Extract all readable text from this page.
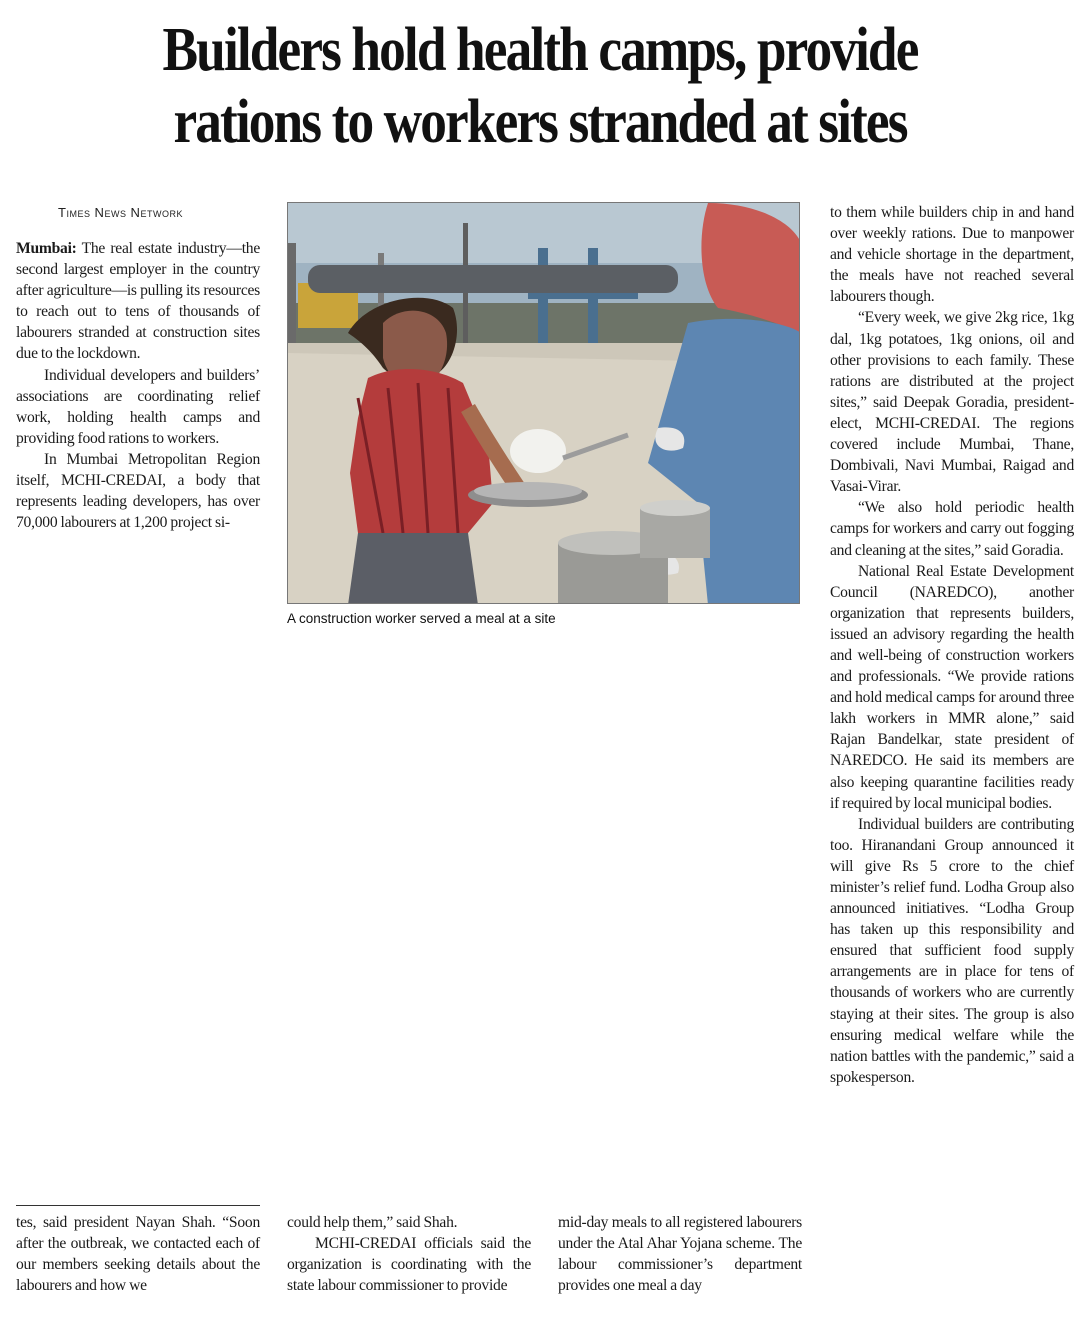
Builders hold health camps, provide
rations to workers stranded at sites
Times News Network

Mumbai: The real estate industry—the second largest employer in the country after agriculture—is pulling its resources to reach out to tens of thousands of labourers stranded at construction sites due to the lockdown.

Individual developers and builders’ associations are coordinating relief work, holding health camps and providing food rations to workers.

In Mumbai Metropolitan Region itself, MCHI-CREDAI, a body that represents leading developers, has over 70,000 labourers at 1,200 project si-

A construction worker served a meal at a site

to them while builders chip in and hand over weekly rations. Due to manpower and vehicle shortage in the department, the meals have not reached several labourers though.

“Every week, we give 2kg rice, 1kg dal, 1kg potatoes, 1kg onions, oil and other provisions to each family. These rations are distributed at the project sites,” said Deepak Goradia, president-elect, MCHI-CREDAI. The regions covered include Mumbai, Thane, Dombivali, Navi Mumbai, Raigad and Vasai-Virar.

“We also hold periodic health camps for workers and carry out fogging and cleaning at the sites,” said Goradia.

National Real Estate Development Council (NAREDCO), another organization that represents builders, issued an advisory regarding the health and well-being of construction workers and professionals. “We provide rations and hold medical camps for around three lakh workers in MMR alone,” said Rajan Bandelkar, state president of NAREDCO. He said its members are also keeping quarantine facilities ready if required by local municipal bodies.

Individual builders are contributing too. Hiranandani Group announced it will give Rs 5 crore to the chief minister’s relief fund. Lodha Group also announced initiatives. “Lodha Group has taken up this responsibility and ensured that sufficient food supply arrangements are in place for tens of thousands of workers who are currently staying at their sites. The group is also ensuring medical welfare while the nation battles with the pandemic,” said a spokesperson.

tes, said president Nayan Shah. “Soon after the outbreak, we contacted each of our members seeking details about the labourers and how we

could help them,” said Shah.

MCHI-CREDAI officials said the organization is coordinating with the state labour commissioner to provide

mid-day meals to all registered labourers under the Atal Ahar Yojana scheme. The labour commissioner’s department provides one meal a day
